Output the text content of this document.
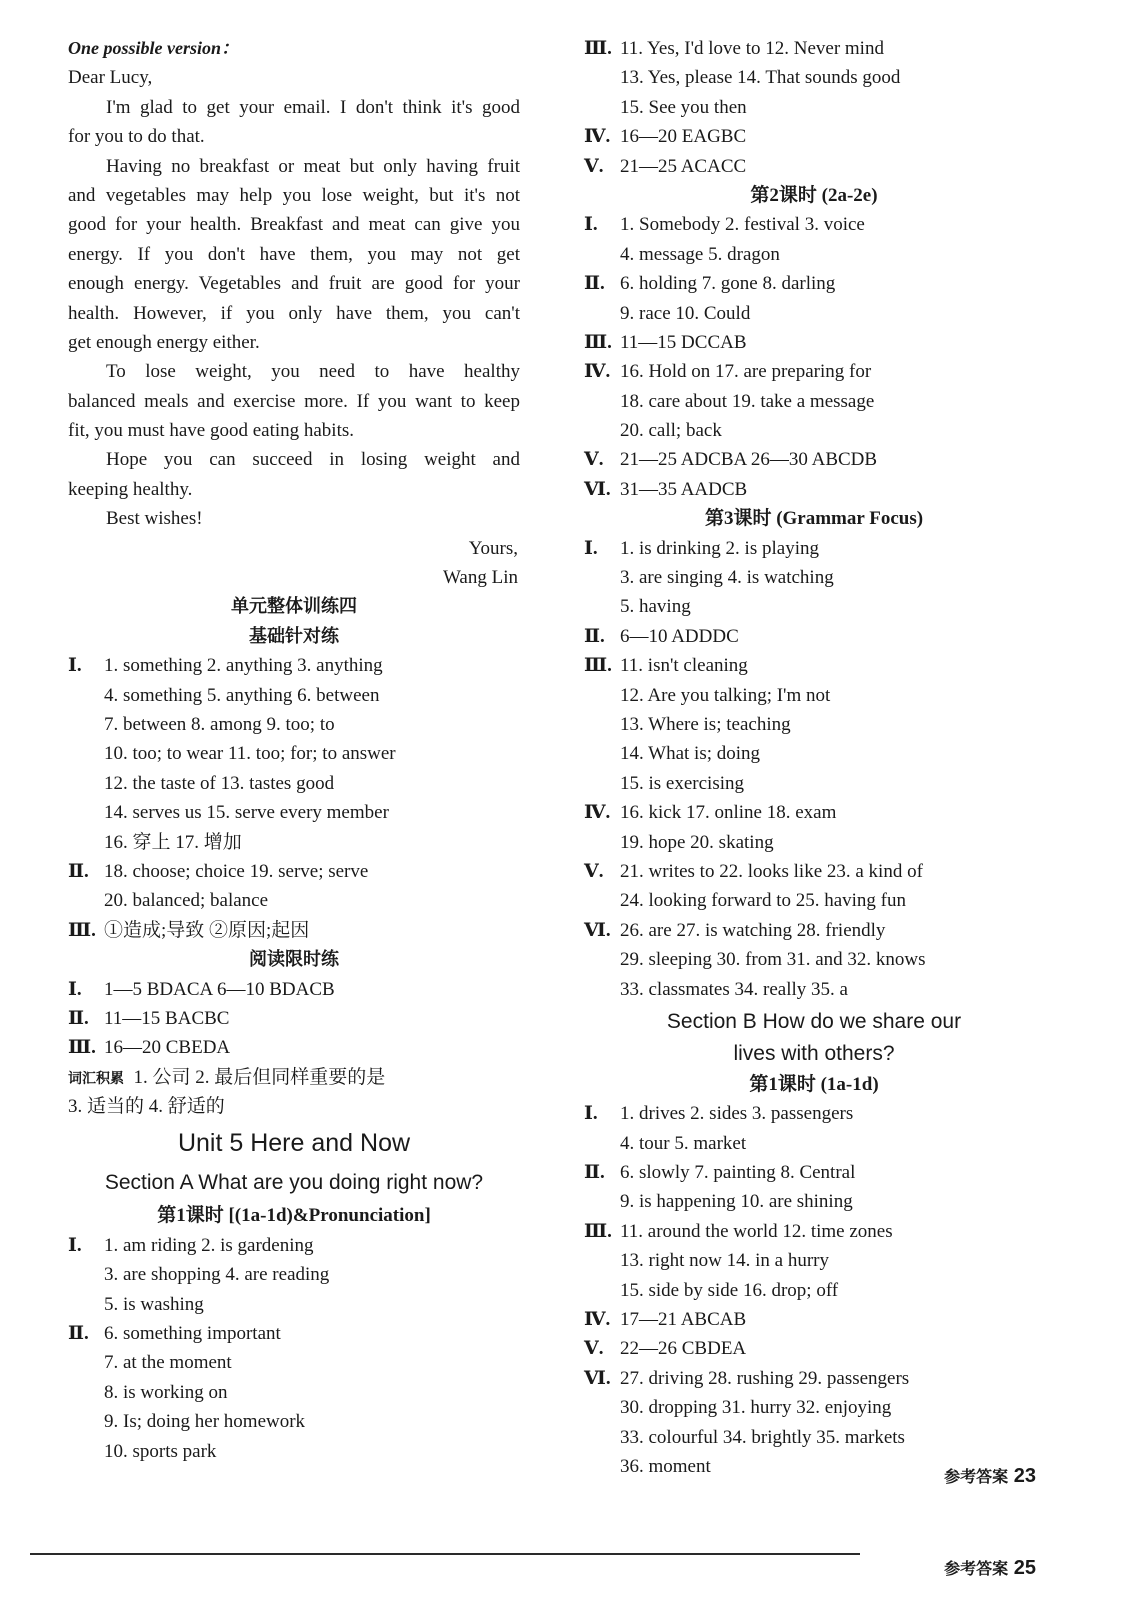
One possible version：
Dear Lucy,
I'm glad to get your email. I don't think it's good
for you to do that.
Having no breakfast or meat but only having fruit
and vegetables may help you lose weight, but it's not
good for your health. Breakfast and meat can give you
energy. If you don't have them, you may not get
enough energy. Vegetables and fruit are good for your
health. However, if you only have them, you can't
get enough energy either.
To lose weight, you need to have healthy
balanced meals and exercise more. If you want to keep
fit, you must have good eating habits.
Hope you can succeed in losing weight and
keeping healthy.
Best wishes!
Yours,
Wang Lin
单元整体训练四
基础针对练
Ⅰ. 1. something 2. anything 3. anything
4. something 5. anything 6. between
7. between 8. among 9. too; to
10. too; to wear 11. too; for; to answer
12. the taste of 13. tastes good
14. serves us 15. serve every member
16. 穿上 17. 增加
Ⅱ. 18. choose; choice 19. serve; serve
20. balanced; balance
Ⅲ. ①造成;导致 ②原因;起因
阅读限时练
Ⅰ. 1—5 BDACA 6—10 BDACB
Ⅱ. 11—15 BACBC
Ⅲ. 16—20 CBEDA
词汇积累 1. 公司 2. 最后但同样重要的是
3. 适当的 4. 舒适的
Unit 5 Here and Now
Section A What are you doing right now?
第1课时 [(1a-1d)&Pronunciation]
Ⅰ. 1. am riding 2. is gardening
3. are shopping 4. are reading
5. is washing
Ⅱ. 6. something important
7. at the moment
8. is working on
9. Is; doing her homework
10. sports park
Ⅲ. 11. Yes, I'd love to 12. Never mind
13. Yes, please 14. That sounds good
15. See you then
Ⅳ. 16—20 EAGBC
Ⅴ. 21—25 ACACC
第2课时 (2a-2e)
Ⅰ. 1. Somebody 2. festival 3. voice
4. message 5. dragon
Ⅱ. 6. holding 7. gone 8. darling
9. race 10. Could
Ⅲ. 11—15 DCCAB
Ⅳ. 16. Hold on 17. are preparing for
18. care about 19. take a message
20. call; back
Ⅴ. 21—25 ADCBA 26—30 ABCDB
Ⅵ. 31—35 AADCB
第3课时 (Grammar Focus)
Ⅰ. 1. is drinking 2. is playing
3. are singing 4. is watching
5. having
Ⅱ. 6—10 ADDDC
Ⅲ. 11. isn't cleaning
12. Are you talking; I'm not
13. Where is; teaching
14. What is; doing
15. is exercising
Ⅳ. 16. kick 17. online 18. exam
19. hope 20. skating
Ⅴ. 21. writes to 22. looks like 23. a kind of
24. looking forward to 25. having fun
Ⅵ. 26. are 27. is watching 28. friendly
29. sleeping 30. from 31. and 32. knows
33. classmates 34. really 35. a
Section B How do we share our
lives with others?
第1课时 (1a-1d)
Ⅰ. 1. drives 2. sides 3. passengers
4. tour 5. market
Ⅱ. 6. slowly 7. painting 8. Central
9. is happening 10. are shining
Ⅲ. 11. around the world 12. time zones
13. right now 14. in a hurry
15. side by side 16. drop; off
Ⅳ. 17—21 ABCAB
Ⅴ. 22—26 CBDEA
Ⅵ. 27. driving 28. rushing 29. passengers
30. dropping 31. hurry 32. enjoying
33. colourful 34. brightly 35. markets
36. moment	参考答案 23
参考答案 25
